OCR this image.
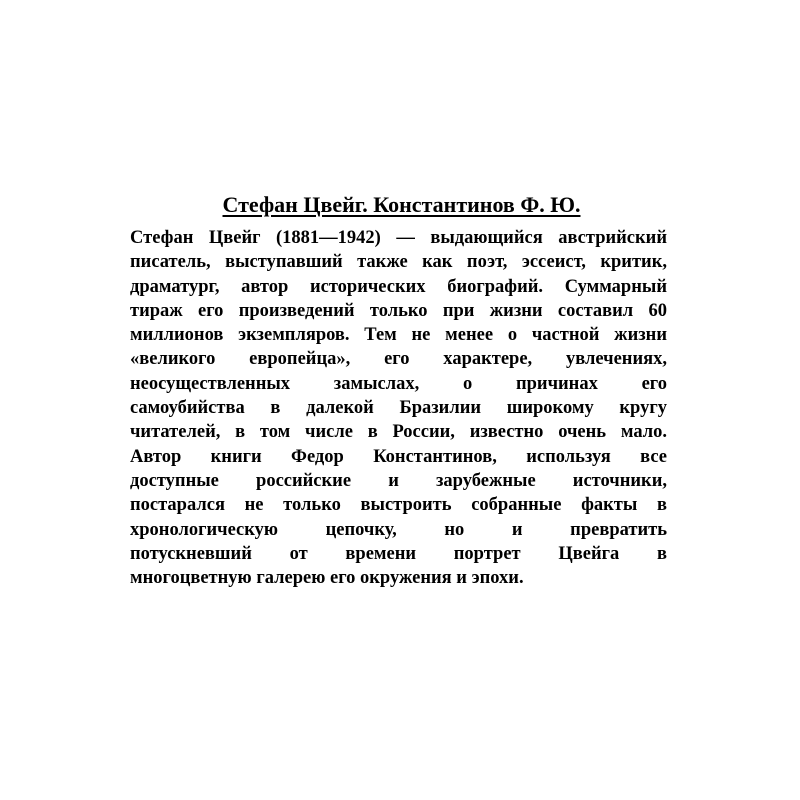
Стефан Цвейг. Константинов Ф. Ю.
Стефан Цвейг (1881—1942) — выдающийся австрийский
писатель, выступавший также как поэт, эссеист, критик,
драматург, автор исторических биографий. Суммарный
тираж его произведений только при жизни составил 60
миллионов экземпляров. Тем не менее о частной жизни
«великого европейца», его характере, увлечениях,
неосуществленных замыслах, о причинах его
самоубийства в далекой Бразилии широкому кругу
читателей, в том числе в России, известно очень мало.
Автор книги Федор Константинов, используя все
доступные российские и зарубежные источники,
постарался не только выстроить собранные факты в
хронологическую цепочку, но и превратить
потускневший от времени портрет Цвейга в
многоцветную галерею его окружения и эпохи.
